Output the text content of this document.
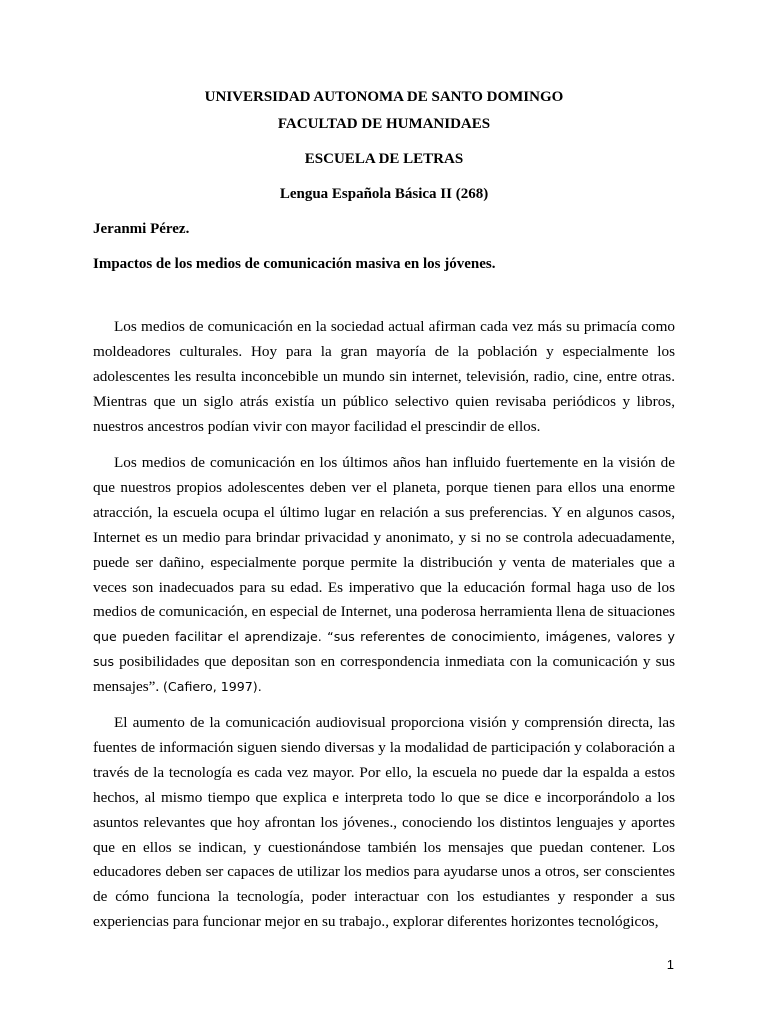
UNIVERSIDAD AUTONOMA DE SANTO DOMINGO
FACULTAD DE HUMANIDAES
ESCUELA DE LETRAS
Lengua Española Básica II (268)
Jeranmi Pérez.
Impactos de los medios de comunicación masiva en los jóvenes.

Los medios de comunicación en la sociedad actual afirman cada vez más su primacía como moldeadores culturales. Hoy para la gran mayoría de la población y especialmente los adolescentes les resulta inconcebible un mundo sin internet, televisión, radio, cine, entre otras. Mientras que un siglo atrás existía un público selectivo quien revisaba periódicos y libros, nuestros ancestros podían vivir con mayor facilidad el prescindir de ellos.

Los medios de comunicación en los últimos años han influido fuertemente en la visión de que nuestros propios adolescentes deben ver el planeta, porque tienen para ellos una enorme atracción, la escuela ocupa el último lugar en relación a sus preferencias. Y en algunos casos, Internet es un medio para brindar privacidad y anonimato, y si no se controla adecuadamente, puede ser dañino, especialmente porque permite la distribución y venta de materiales que a veces son inadecuados para su edad. Es imperativo que la educación formal haga uso de los medios de comunicación, en especial de Internet, una poderosa herramienta llena de situaciones que pueden facilitar el aprendizaje. “sus referentes de conocimiento, imágenes, valores y sus posibilidades que depositan son en correspondencia inmediata con la comunicación y sus mensajes”. (Cafiero, 1997).

El aumento de la comunicación audiovisual proporciona visión y comprensión directa, las fuentes de información siguen siendo diversas y la modalidad de participación y colaboración a través de la tecnología es cada vez mayor. Por ello, la escuela no puede dar la espalda a estos hechos, al mismo tiempo que explica e interpreta todo lo que se dice e incorporándolo a los asuntos relevantes que hoy afrontan los jóvenes., conociendo los distintos lenguajes y aportes que en ellos se indican, y cuestionándose también los mensajes que puedan contener. Los educadores deben ser capaces de utilizar los medios para ayudarse unos a otros, ser conscientes de cómo funciona la tecnología, poder interactuar con los estudiantes y responder a sus experiencias para funcionar mejor en su trabajo., explorar diferentes horizontes tecnológicos,

1
